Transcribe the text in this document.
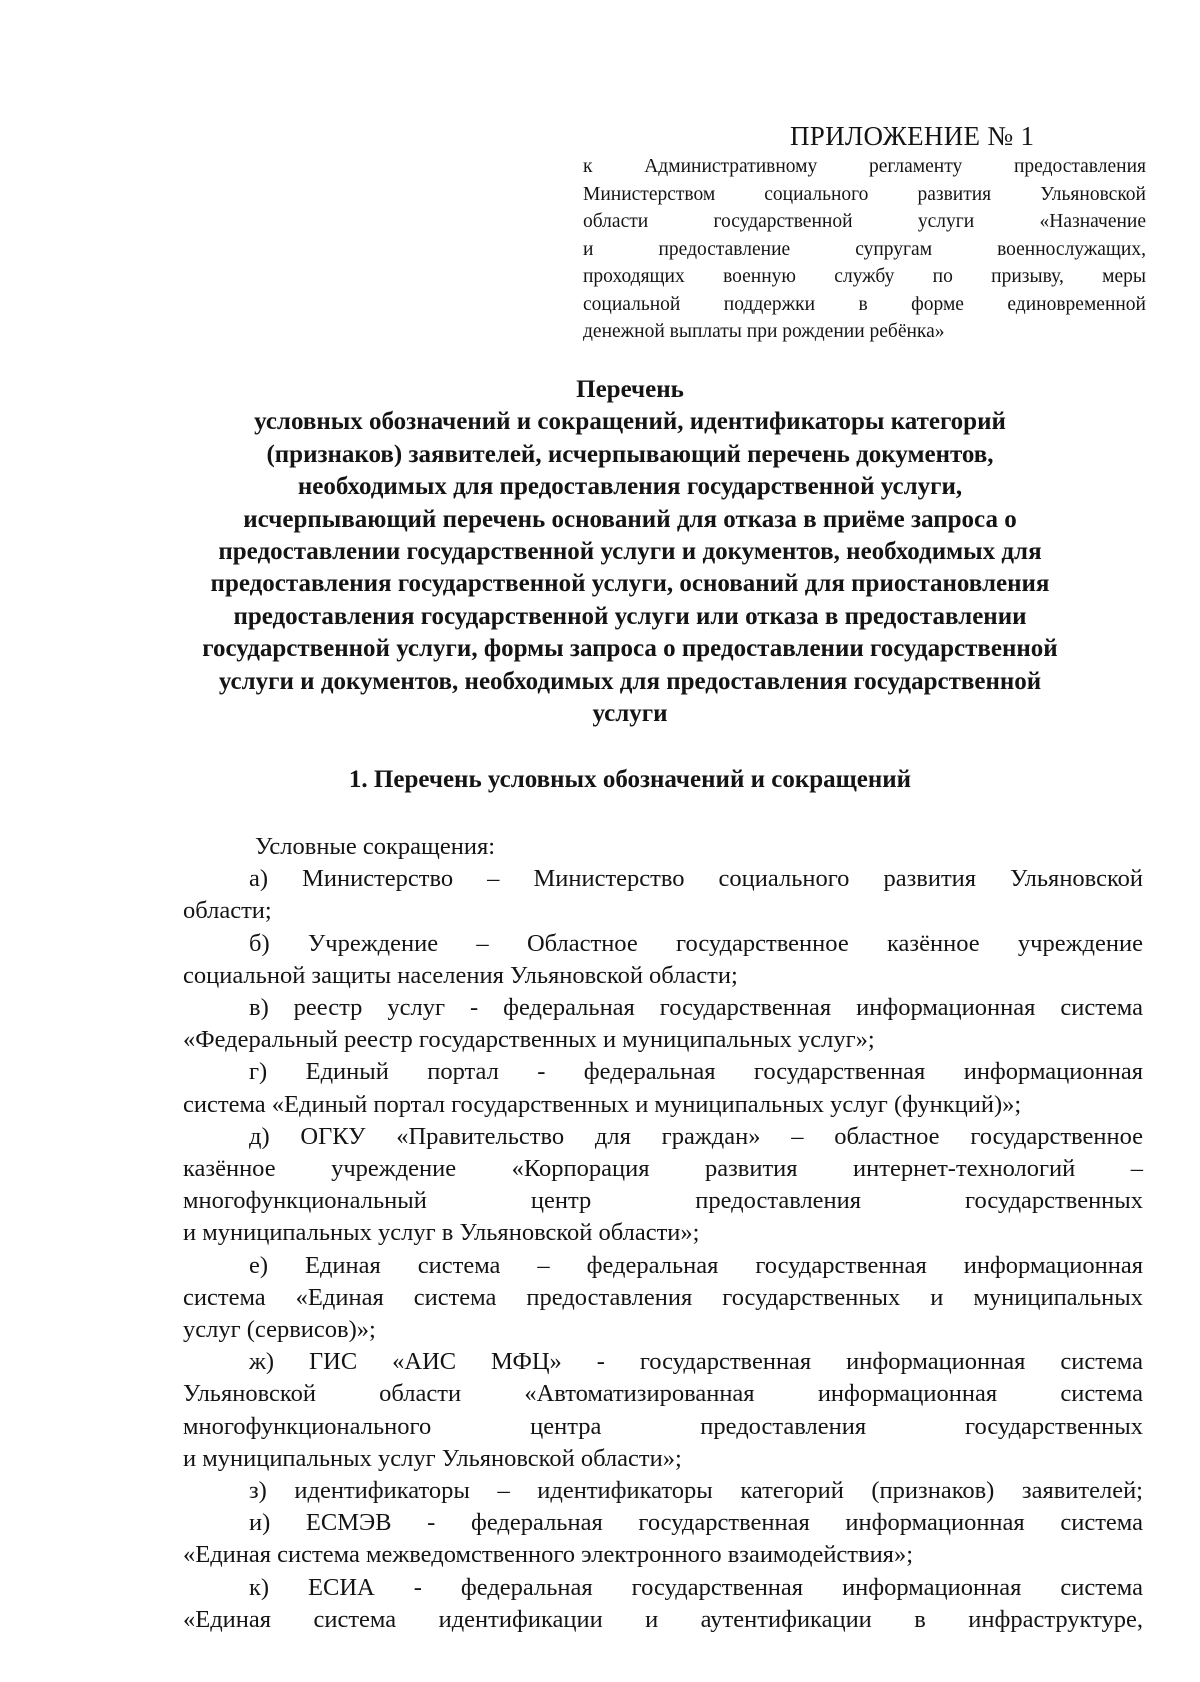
ПРИЛОЖЕНИЕ № 1

к Административному регламенту предоставления
Министерством социального развития Ульяновской
области государственной услуги «Назначение
и предоставление супругам военнослужащих,
проходящих военную службу по призыву, меры
социальной поддержки в форме единовременной
денежной выплаты при рождении ребёнка»

Перечень
условных обозначений и сокращений, идентификаторы категорий
(признаков) заявителей, исчерпывающий перечень документов,
необходимых для предоставления государственной услуги,
исчерпывающий перечень оснований для отказа в приёме запроса о
предоставлении государственной услуги и документов, необходимых для
предоставления государственной услуги, оснований для приостановления
предоставления государственной услуги или отказа в предоставлении
государственной услуги, формы запроса о предоставлении государственной
услуги и документов, необходимых для предоставления государственной
услуги
1. Перечень условных обозначений и сокращений

Условные сокращения:

а) Министерство – Министерство социального развития Ульяновской
области;

б) Учреждение – Областное государственное казённое учреждение
социальной защиты населения Ульяновской области;

в) реестр услуг - федеральная государственная информационная система
«Федеральный реестр государственных и муниципальных услуг»;

г) Единый портал - федеральная государственная информационная
система «Единый портал государственных и муниципальных услуг (функций)»;

д) ОГКУ «Правительство для граждан» – областное государственное
казённое учреждение «Корпорация развития интернет-технологий –
многофункциональный центр предоставления государственных
и муниципальных услуг в Ульяновской области»;

е) Единая система – федеральная государственная информационная
система «Единая система предоставления государственных и муниципальных
услуг (сервисов)»;

ж) ГИС «АИС МФЦ» - государственная информационная система
Ульяновской области «Автоматизированная информационная система
многофункционального центра предоставления государственных
и муниципальных услуг Ульяновской области»;

з) идентификаторы – идентификаторы категорий (признаков) заявителей;

и) ЕСМЭВ - федеральная государственная информационная система
«Единая система межведомственного электронного взаимодействия»;

к) ЕСИА - федеральная государственная информационная система
«Единая система идентификации и аутентификации в инфраструктуре,
